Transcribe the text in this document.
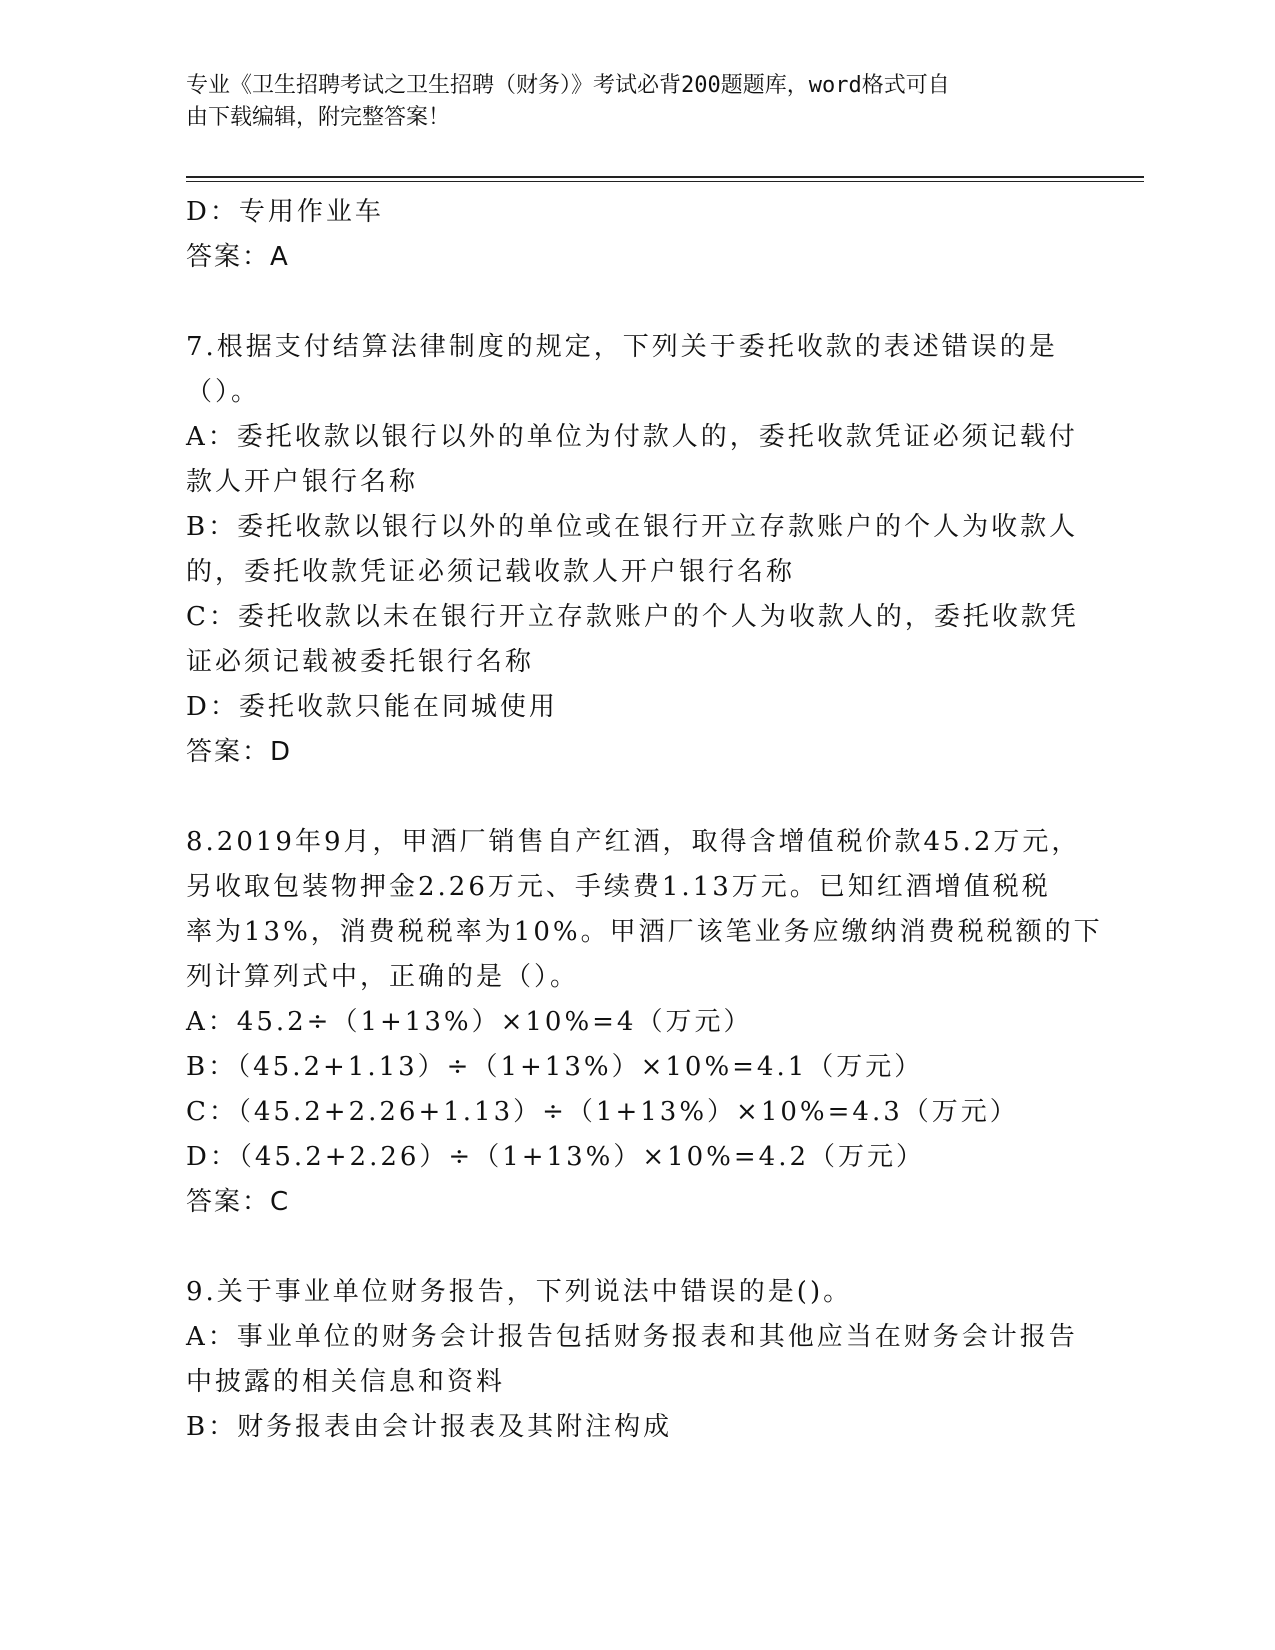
专业《卫生招聘考试之卫生招聘（财务）》考试必背200题题库，word格式可自
由下载编辑，附完整答案！
D：专用作业车
答案：A
7.根据支付结算法律制度的规定，下列关于委托收款的表述错误的是
（）。
A：委托收款以银行以外的单位为付款人的，委托收款凭证必须记载付
款人开户银行名称
B：委托收款以银行以外的单位或在银行开立存款账户的个人为收款人
的，委托收款凭证必须记载收款人开户银行名称
C：委托收款以未在银行开立存款账户的个人为收款人的，委托收款凭
证必须记载被委托银行名称
D：委托收款只能在同城使用
答案：D
8.2019年9月，甲酒厂销售自产红酒，取得含增值税价款45.2万元，
另收取包装物押金2.26万元、手续费1.13万元。已知红酒增值税税
率为13%，消费税税率为10%。甲酒厂该笔业务应缴纳消费税税额的下
列计算列式中，正确的是（）。
A：45.2÷（1+13%）×10%=4（万元）
B：（45.2+1.13）÷（1+13%）×10%=4.1（万元）
C：（45.2+2.26+1.13）÷（1+13%）×10%=4.3（万元）
D：（45.2+2.26）÷（1+13%）×10%=4.2（万元）
答案：C
9.关于事业单位财务报告，下列说法中错误的是()。
A：事业单位的财务会计报告包括财务报表和其他应当在财务会计报告
中披露的相关信息和资料
B：财务报表由会计报表及其附注构成
